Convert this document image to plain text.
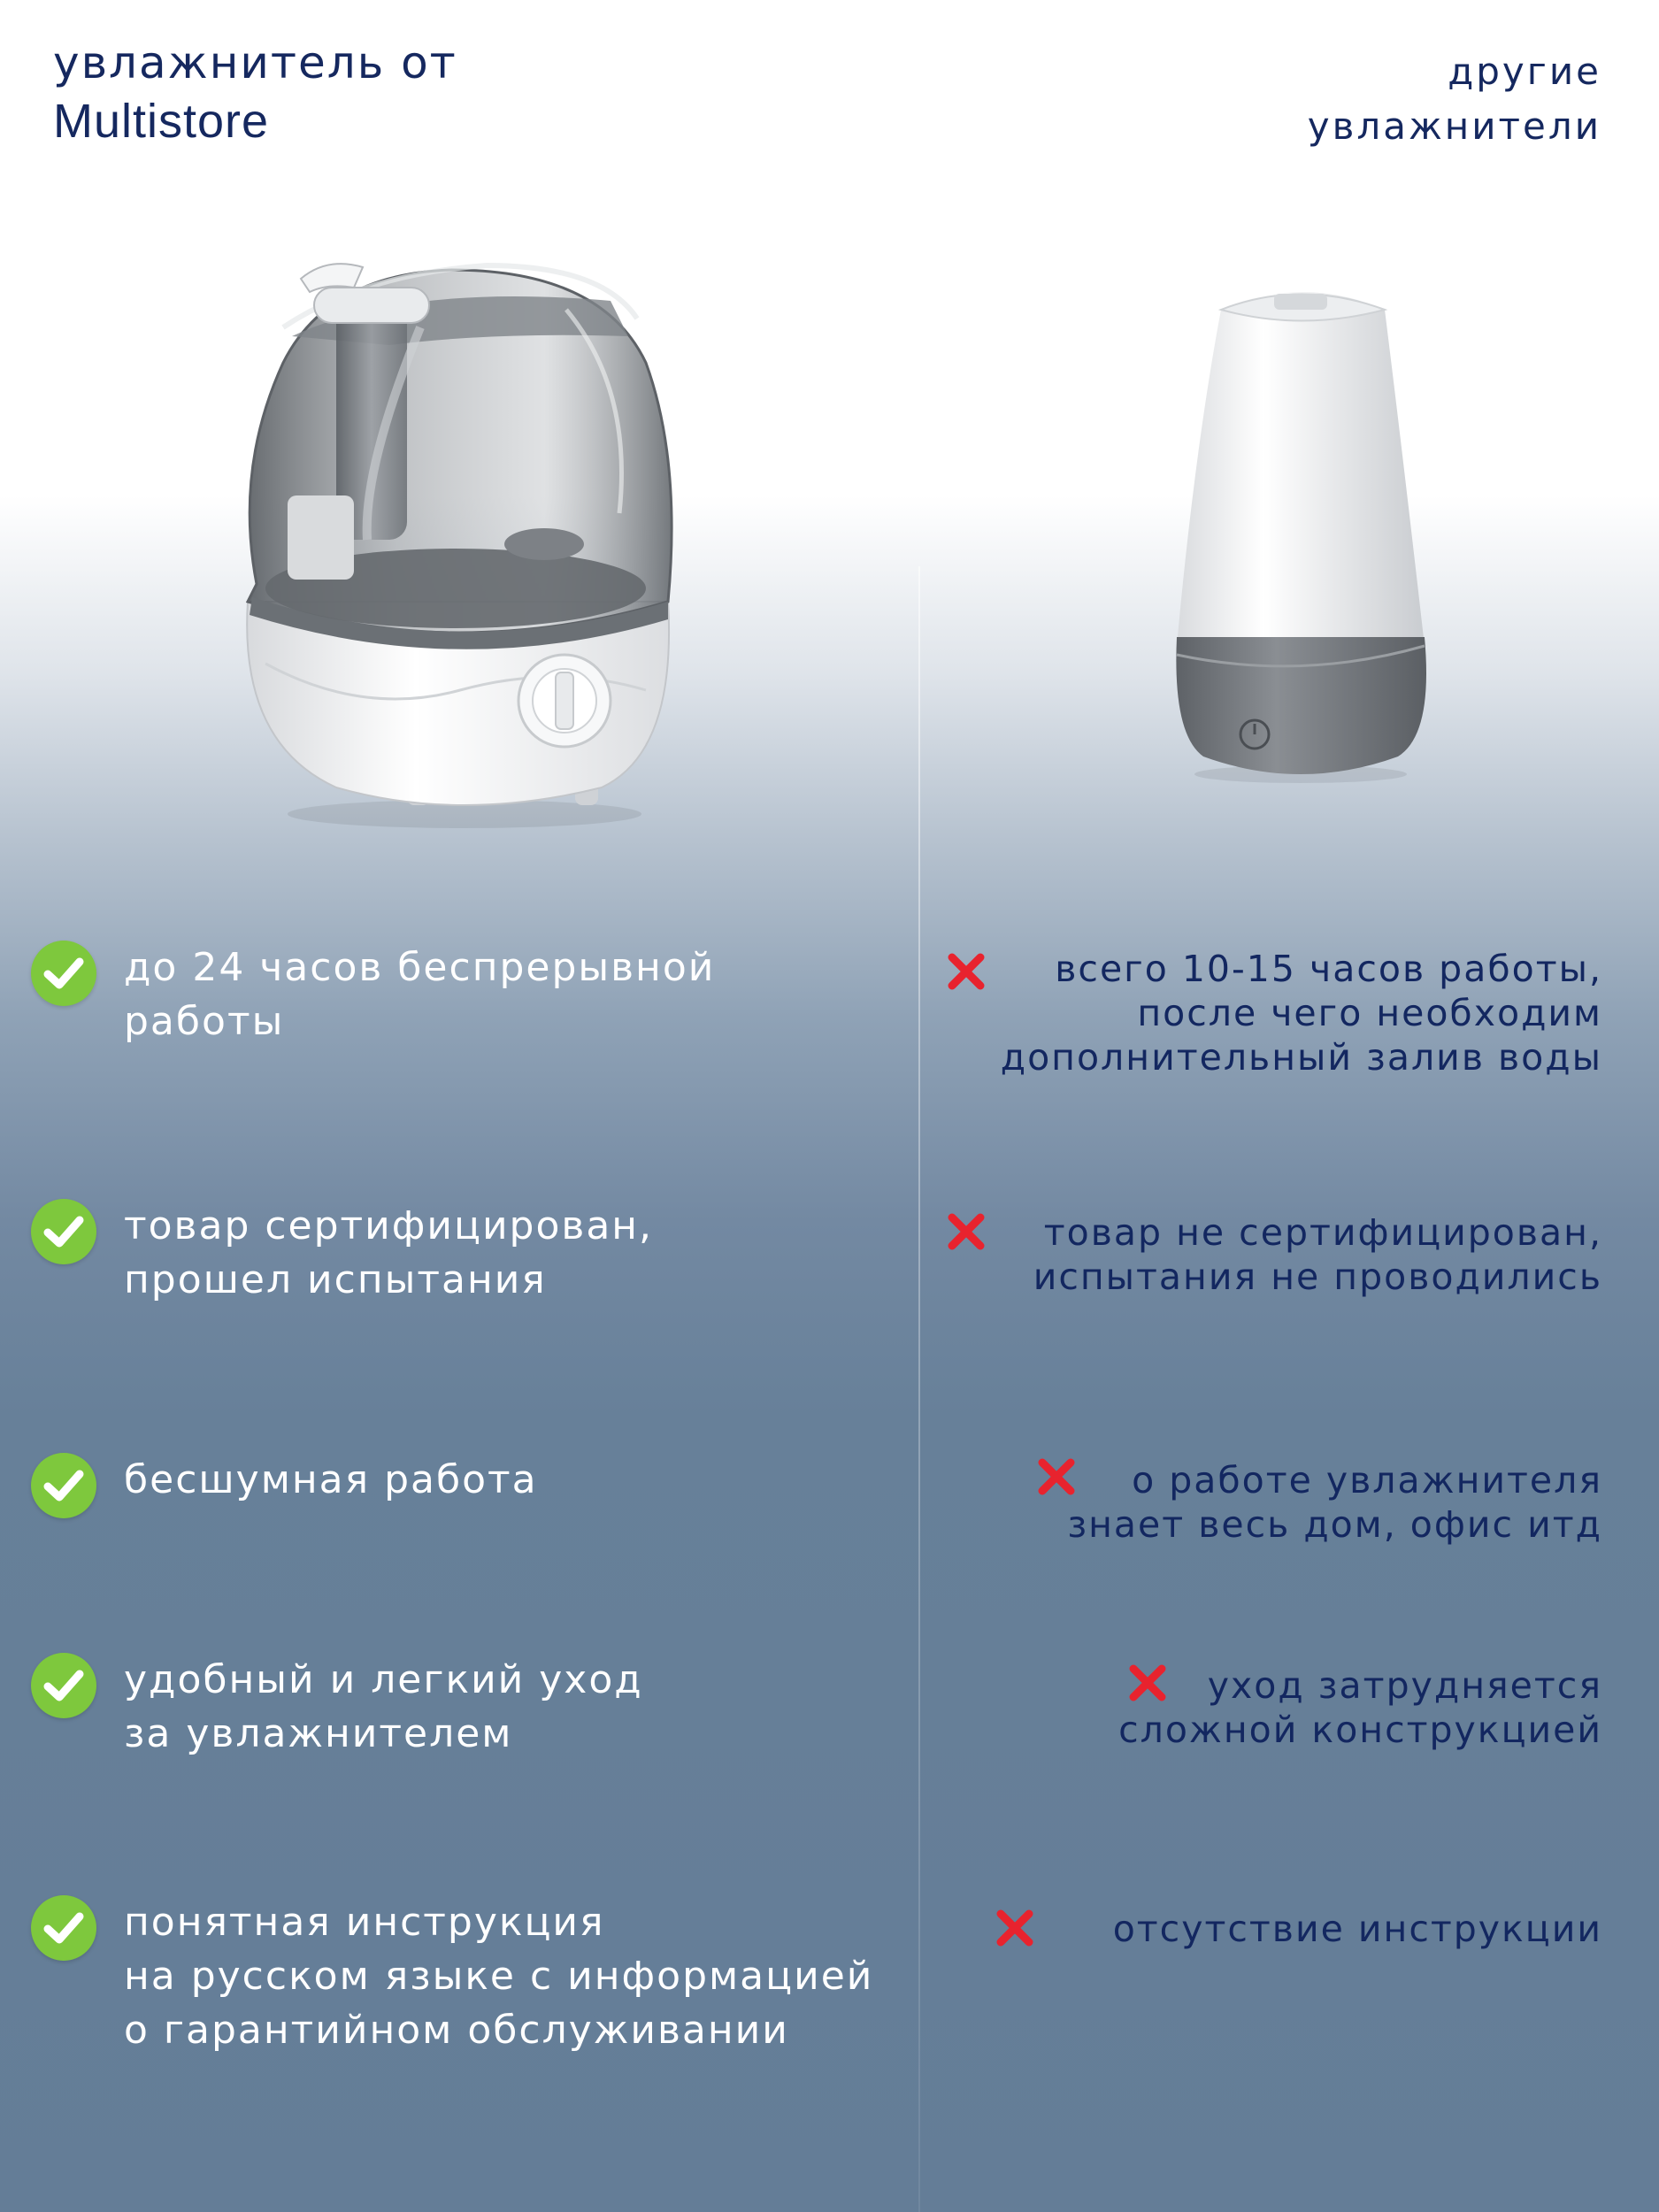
увлажнитель от
Multistore
другие
увлажнители
до 24 часов беспрерывной
работы
товар сертифицирован,
прошел испытания
бесшумная работа
удобный и легкий уход
за увлажнителем
понятная инструкция
на русском языке с информацией
о гарантийном обслуживании
всего 10-15 часов работы,
после чего необходим
дополнительный залив воды
товар не сертифицирован,
испытания не проводились
о работе увлажнителя
знает весь дом, офис итд
уход затрудняется
сложной конструкцией
отсутствие инструкции
